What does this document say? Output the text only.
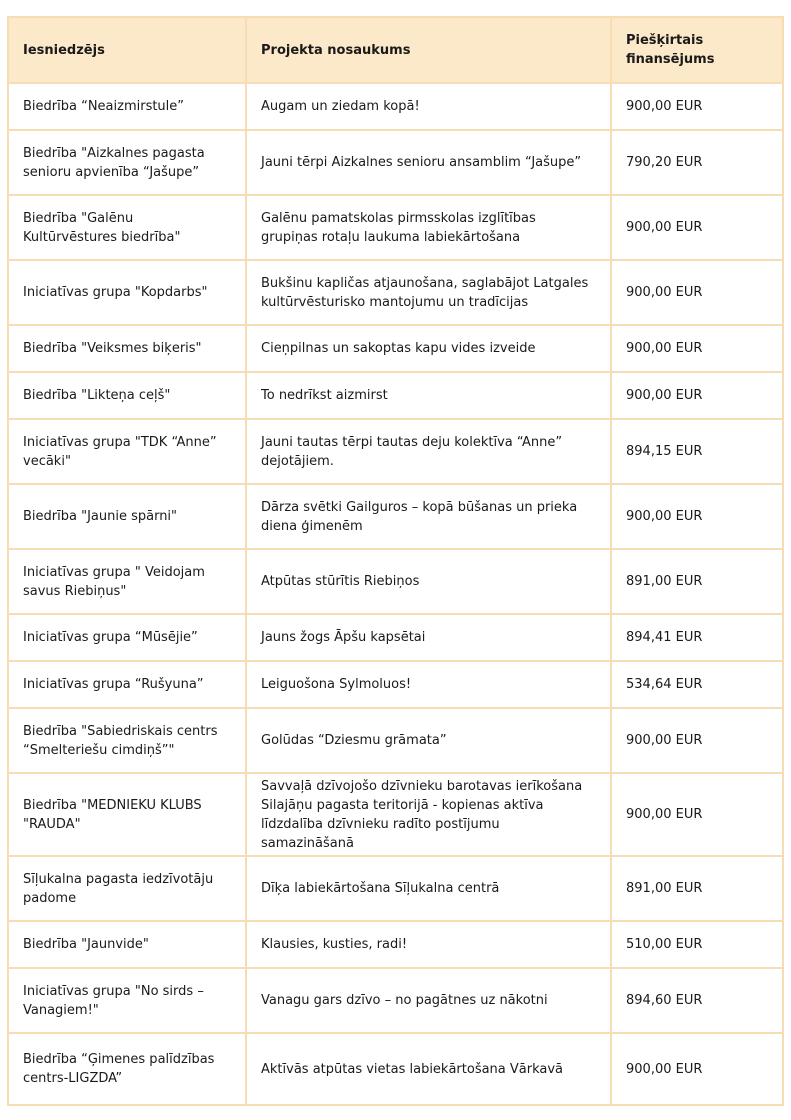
Iesniedzējs	Projekta nosaukums	Piešķirtais finansējums
Biedrība “Neaizmirstule”	Augam un ziedam kopā!	900,00 EUR
Biedrība "Aizkalnes pagasta senioru apvienība “Jašupe”	Jauni tērpi Aizkalnes senioru ansamblim “Jašupe”	790,20 EUR
Biedrība "Galēnu Kultūrvēstures biedrība"	Galēnu pamatskolas pirmsskolas izglītības grupiņas rotaļu laukuma labiekārtošana	900,00 EUR
Iniciatīvas grupa "Kopdarbs"	Bukšinu kapličas atjaunošana, saglabājot Latgales kultūrvēsturisko mantojumu un tradīcijas	900,00 EUR
Biedrība "Veiksmes biķeris"	Cieņpilnas un sakoptas kapu vides izveide	900,00 EUR
Biedrība "Likteņa ceļš"	To nedrīkst aizmirst	900,00 EUR
Iniciatīvas grupa "TDK “Anne” vecāki"	Jauni tautas tērpi tautas deju kolektīva “Anne” dejotājiem.	894,15 EUR
Biedrība "Jaunie spārni"	Dārza svētki Gailguros – kopā būšanas un prieka diena ģimenēm	900,00 EUR
Iniciatīvas grupa " Veidojam savus Riebiņus"	Atpūtas stūrītis Riebiņos	891,00 EUR
Iniciatīvas grupa “Mūsējie”	Jauns žogs Āpšu kapsētai	894,41 EUR
Iniciatīvas grupa “Rušyuna”	Leiguošona Sylmoluos!	534,64 EUR
Biedrība "Sabiedriskais centrs “Smelteriešu cimdiņš”"	Golūdas “Dziesmu grāmata”	900,00 EUR
Biedrība "MEDNIEKU KLUBS "RAUDA"	Savvaļā dzīvojošo dzīvnieku barotavas ierīkošana Silajāņu pagasta teritorijā - kopienas aktīva līdzdalība dzīvnieku radīto postījumu samazināšanā	900,00 EUR
Sīļukalna pagasta iedzīvotāju padome	Dīķa labiekārtošana Sīļukalna centrā	891,00 EUR
Biedrība "Jaunvide"	Klausies, kusties, radi!	510,00 EUR
Iniciatīvas grupa "No sirds – Vanagiem!"	Vanagu gars dzīvo – no pagātnes uz nākotni	894,60 EUR
Biedrība “Ģimenes palīdzības centrs-LIGZDA”	Aktīvās atpūtas vietas labiekārtošana Vārkavā	900,00 EUR
